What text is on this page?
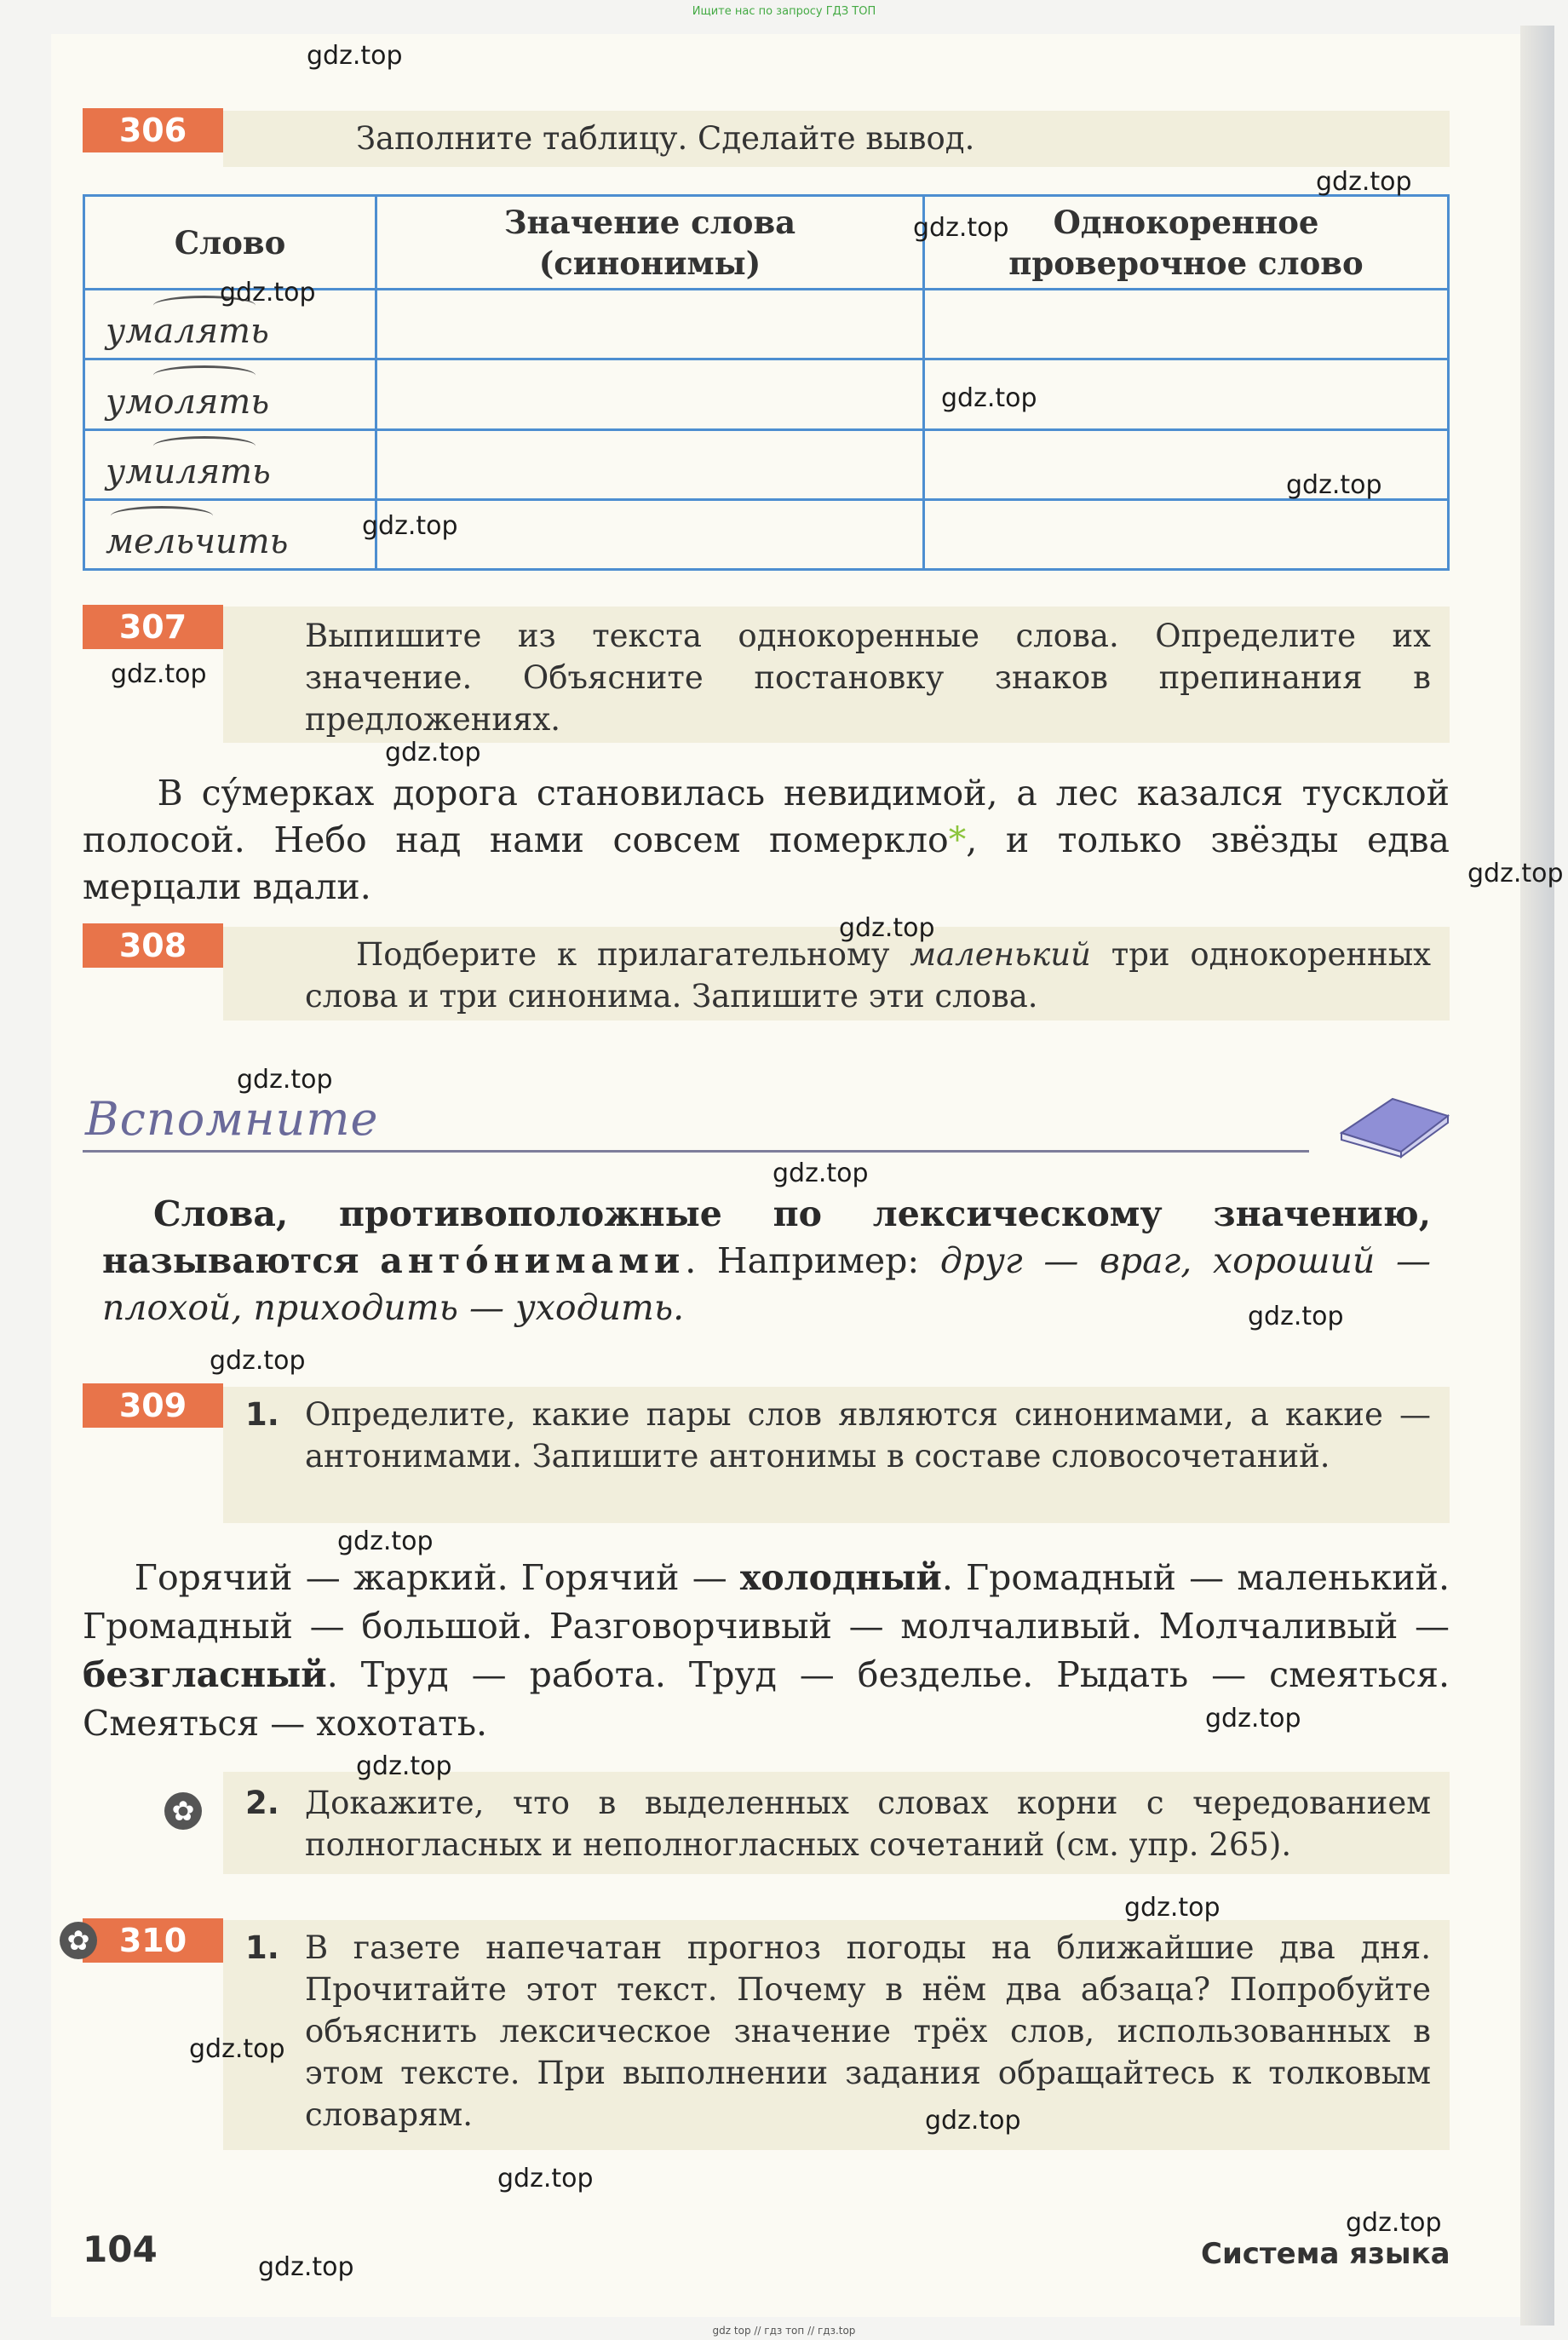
Ищите нас по запросу ГДЗ ТОП
306	Заполните таблицу. Сделайте вывод.
Слово	Значение слова (синонимы)	Однокоренное проверочное слово

умалять		

умолять		

умилять		

мельчить		
307	Выпишите из текста однокоренные слова. Определите их значение. Объясните постановку знаков препинания в предложениях.
В су́мерках дорога становилась невидимой, а лес казался тусклой полосой. Небо над нами совсем померкло*, и только звёзды едва мерцали вдали.
308	Подберите к прилагательному маленький три однокоренных слова и три синонима. Запишите эти слова.
Вспомните
Слова, противоположные по лексическому значению, называются антóнимами. Например: друг — враг, хороший — плохой, приходить — уходить.
309	1. Определите, какие пары слов являются синонимами, а какие — антонимами. Запишите антонимы в составе словосочетаний.
Горячий — жаркий. Горячий — холодный. Громадный — маленький. Громадный — большой. Разговорчивый — молчаливый. Молчаливый — безгласный. Труд — работа. Труд — безделье. Рыдать — смеяться. Смеяться — хохотать.
✿ 2. Докажите, что в выделенных словах корни с чередованием полногласных и неполногласных сочетаний (см. упр. 265).
310
✿	1. В газете напечатан прогноз погоды на ближайшие два дня. Прочитайте этот текст. Почему в нём два абзаца? Попробуйте объяснить лексическое значение трёх слов, использованных в этом тексте. При выполнении задания обращайтесь к толковым словарям.
104	Система языка
gdz.top
gdz.top
gdz.top
gdz.top
gdz.top
gdz.top
gdz.top
gdz.top
gdz.top
gdz.top
gdz.top
gdz.top
gdz.top
gdz.top
gdz.top
gdz.top
gdz.top
gdz.top
gdz.top
gdz.top
gdz.top
gdz.top
gdz.top
gdz.top
gdz top // гдз топ // гдз.top
